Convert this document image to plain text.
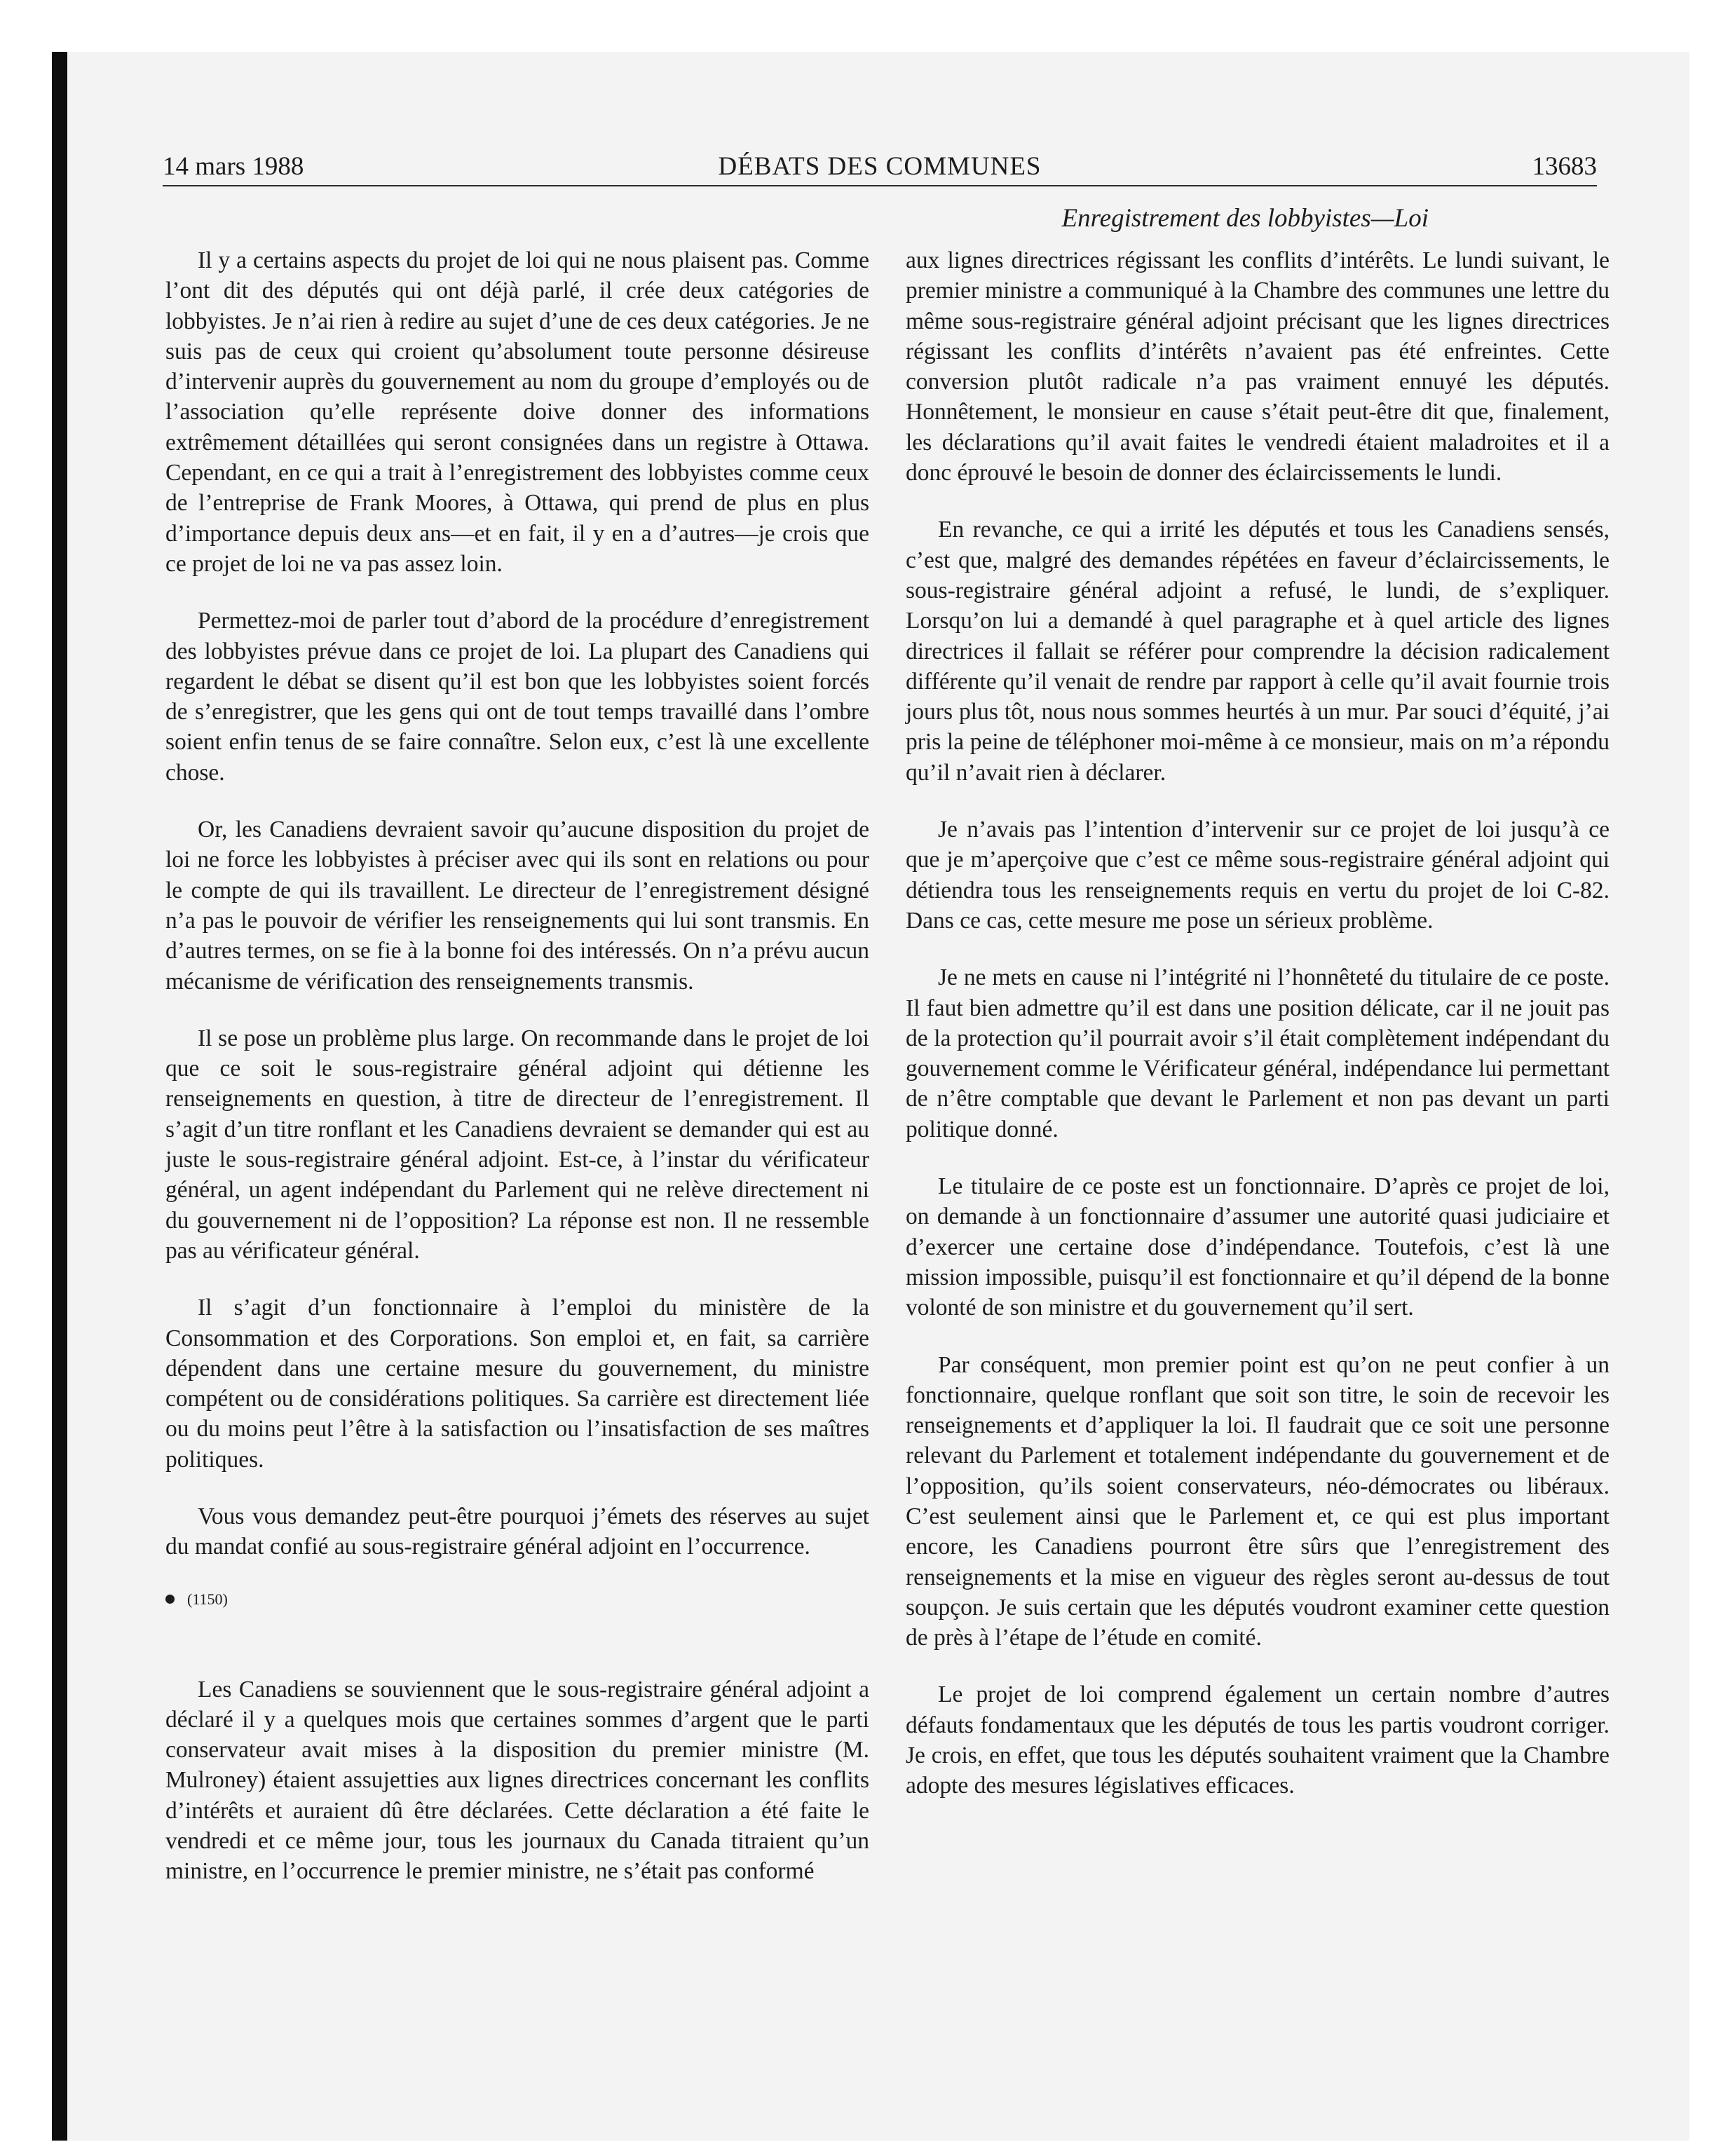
14 mars 1988	DÉBATS DES COMMUNES	13683
Enregistrement des lobbyistes—Loi

Il y a certains aspects du projet de loi qui ne nous plaisent pas. Comme l’ont dit des députés qui ont déjà parlé, il crée deux catégories de lobbyistes. Je n’ai rien à redire au sujet d’une de ces deux catégories. Je ne suis pas de ceux qui croient qu’absolument toute personne désireuse d’intervenir auprès du gouvernement au nom du groupe d’employés ou de l’association qu’elle représente doive donner des informations extrêmement détaillées qui seront consignées dans un registre à Ottawa. Cependant, en ce qui a trait à l’enregistrement des lobbyistes comme ceux de l’entreprise de Frank Moores, à Ottawa, qui prend de plus en plus d’importance depuis deux ans—et en fait, il y en a d’autres—je crois que ce projet de loi ne va pas assez loin.

Permettez-moi de parler tout d’abord de la procédure d’enregistrement des lobbyistes prévue dans ce projet de loi. La plupart des Canadiens qui regardent le débat se disent qu’il est bon que les lobbyistes soient forcés de s’enregistrer, que les gens qui ont de tout temps travaillé dans l’ombre soient enfin tenus de se faire connaître. Selon eux, c’est là une excellente chose.

Or, les Canadiens devraient savoir qu’aucune disposition du projet de loi ne force les lobbyistes à préciser avec qui ils sont en relations ou pour le compte de qui ils travaillent. Le directeur de l’enregistrement désigné n’a pas le pouvoir de vérifier les renseignements qui lui sont transmis. En d’autres termes, on se fie à la bonne foi des intéressés. On n’a prévu aucun mécanisme de vérification des renseignements transmis.

Il se pose un problème plus large. On recommande dans le projet de loi que ce soit le sous-registraire général adjoint qui détienne les renseignements en question, à titre de directeur de l’enregistrement. Il s’agit d’un titre ronflant et les Canadiens devraient se demander qui est au juste le sous-registraire général adjoint. Est-ce, à l’instar du vérificateur général, un agent indépendant du Parlement qui ne relève directement ni du gouvernement ni de l’opposition? La réponse est non. Il ne ressemble pas au vérificateur général.

Il s’agit d’un fonctionnaire à l’emploi du ministère de la Consommation et des Corporations. Son emploi et, en fait, sa carrière dépendent dans une certaine mesure du gouvernement, du ministre compétent ou de considérations politiques. Sa carrière est directement liée ou du moins peut l’être à la satisfaction ou l’insatisfaction de ses maîtres politiques.

Vous vous demandez peut-être pourquoi j’émets des réserves au sujet du mandat confié au sous-registraire général adjoint en l’occurrence.

(1150)

Les Canadiens se souviennent que le sous-registraire général adjoint a déclaré il y a quelques mois que certaines sommes d’argent que le parti conservateur avait mises à la disposition du premier ministre (M. Mulroney) étaient assujetties aux lignes directrices concernant les conflits d’intérêts et auraient dû être déclarées. Cette déclaration a été faite le vendredi et ce même jour, tous les journaux du Canada titraient qu’un ministre, en l’occurrence le premier ministre, ne s’était pas conformé

aux lignes directrices régissant les conflits d’intérêts. Le lundi suivant, le premier ministre a communiqué à la Chambre des communes une lettre du même sous-registraire général adjoint précisant que les lignes directrices régissant les conflits d’intérêts n’avaient pas été enfreintes. Cette conversion plutôt radicale n’a pas vraiment ennuyé les députés. Honnêtement, le monsieur en cause s’était peut-être dit que, finalement, les déclarations qu’il avait faites le vendredi étaient maladroites et il a donc éprouvé le besoin de donner des éclaircissements le lundi.

En revanche, ce qui a irrité les députés et tous les Canadiens sensés, c’est que, malgré des demandes répétées en faveur d’éclaircissements, le sous-registraire général adjoint a refusé, le lundi, de s’expliquer. Lorsqu’on lui a demandé à quel paragraphe et à quel article des lignes directrices il fallait se référer pour comprendre la décision radicalement différente qu’il venait de rendre par rapport à celle qu’il avait fournie trois jours plus tôt, nous nous sommes heurtés à un mur. Par souci d’équité, j’ai pris la peine de téléphoner moi-même à ce monsieur, mais on m’a répondu qu’il n’avait rien à déclarer.

Je n’avais pas l’intention d’intervenir sur ce projet de loi jusqu’à ce que je m’aperçoive que c’est ce même sous-registraire général adjoint qui détiendra tous les renseignements requis en vertu du projet de loi C-82. Dans ce cas, cette mesure me pose un sérieux problème.

Je ne mets en cause ni l’intégrité ni l’honnêteté du titulaire de ce poste. Il faut bien admettre qu’il est dans une position délicate, car il ne jouit pas de la protection qu’il pourrait avoir s’il était complètement indépendant du gouvernement comme le Vérificateur général, indépendance lui permettant de n’être comptable que devant le Parlement et non pas devant un parti politique donné.

Le titulaire de ce poste est un fonctionnaire. D’après ce projet de loi, on demande à un fonctionnaire d’assumer une autorité quasi judiciaire et d’exercer une certaine dose d’indépendance. Toutefois, c’est là une mission impossible, puisqu’il est fonctionnaire et qu’il dépend de la bonne volonté de son ministre et du gouvernement qu’il sert.

Par conséquent, mon premier point est qu’on ne peut confier à un fonctionnaire, quelque ronflant que soit son titre, le soin de recevoir les renseignements et d’appliquer la loi. Il faudrait que ce soit une personne relevant du Parlement et totalement indépendante du gouvernement et de l’opposition, qu’ils soient conservateurs, néo-démocrates ou libéraux. C’est seulement ainsi que le Parlement et, ce qui est plus important encore, les Canadiens pourront être sûrs que l’enregistrement des renseignements et la mise en vigueur des règles seront au-dessus de tout soupçon. Je suis certain que les députés voudront examiner cette question de près à l’étape de l’étude en comité.

Le projet de loi comprend également un certain nombre d’autres défauts fondamentaux que les députés de tous les partis voudront corriger. Je crois, en effet, que tous les députés souhaitent vraiment que la Chambre adopte des mesures législatives efficaces.
